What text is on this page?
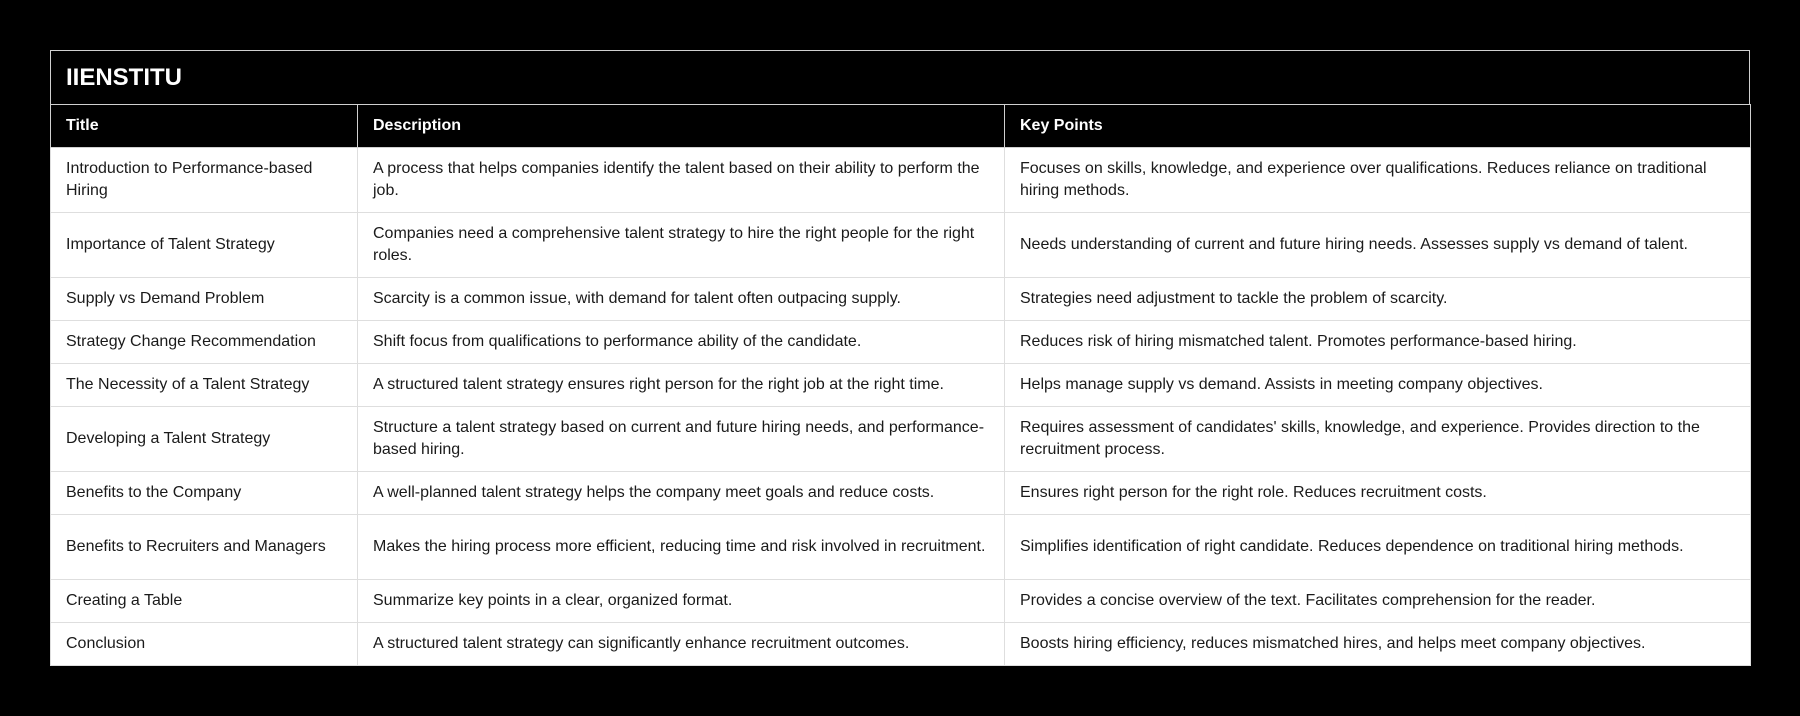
IIENSTITU
Title	Description	Key Points
Introduction to Performance-based Hiring	A process that helps companies identify the talent based on their ability to perform the job.	Focuses on skills, knowledge, and experience over qualifications. Reduces reliance on traditional hiring methods.
Importance of Talent Strategy	Companies need a comprehensive talent strategy to hire the right people for the right roles.	Needs understanding of current and future hiring needs. Assesses supply vs demand of talent.
Supply vs Demand Problem	Scarcity is a common issue, with demand for talent often outpacing supply.	Strategies need adjustment to tackle the problem of scarcity.
Strategy Change Recommendation	Shift focus from qualifications to performance ability of the candidate.	Reduces risk of hiring mismatched talent. Promotes performance-based hiring.
The Necessity of a Talent Strategy	A structured talent strategy ensures right person for the right job at the right time.	Helps manage supply vs demand. Assists in meeting company objectives.
Developing a Talent Strategy	Structure a talent strategy based on current and future hiring needs, and performance-based hiring.	Requires assessment of candidates' skills, knowledge, and experience. Provides direction to the recruitment process.
Benefits to the Company	A well-planned talent strategy helps the company meet goals and reduce costs.	Ensures right person for the right role. Reduces recruitment costs.
Benefits to Recruiters and Managers	Makes the hiring process more efficient, reducing time and risk involved in recruitment.	Simplifies identification of right candidate. Reduces dependence on traditional hiring methods.
Creating a Table	Summarize key points in a clear, organized format.	Provides a concise overview of the text. Facilitates comprehension for the reader.
Conclusion	A structured talent strategy can significantly enhance recruitment outcomes.	Boosts hiring efficiency, reduces mismatched hires, and helps meet company objectives.
